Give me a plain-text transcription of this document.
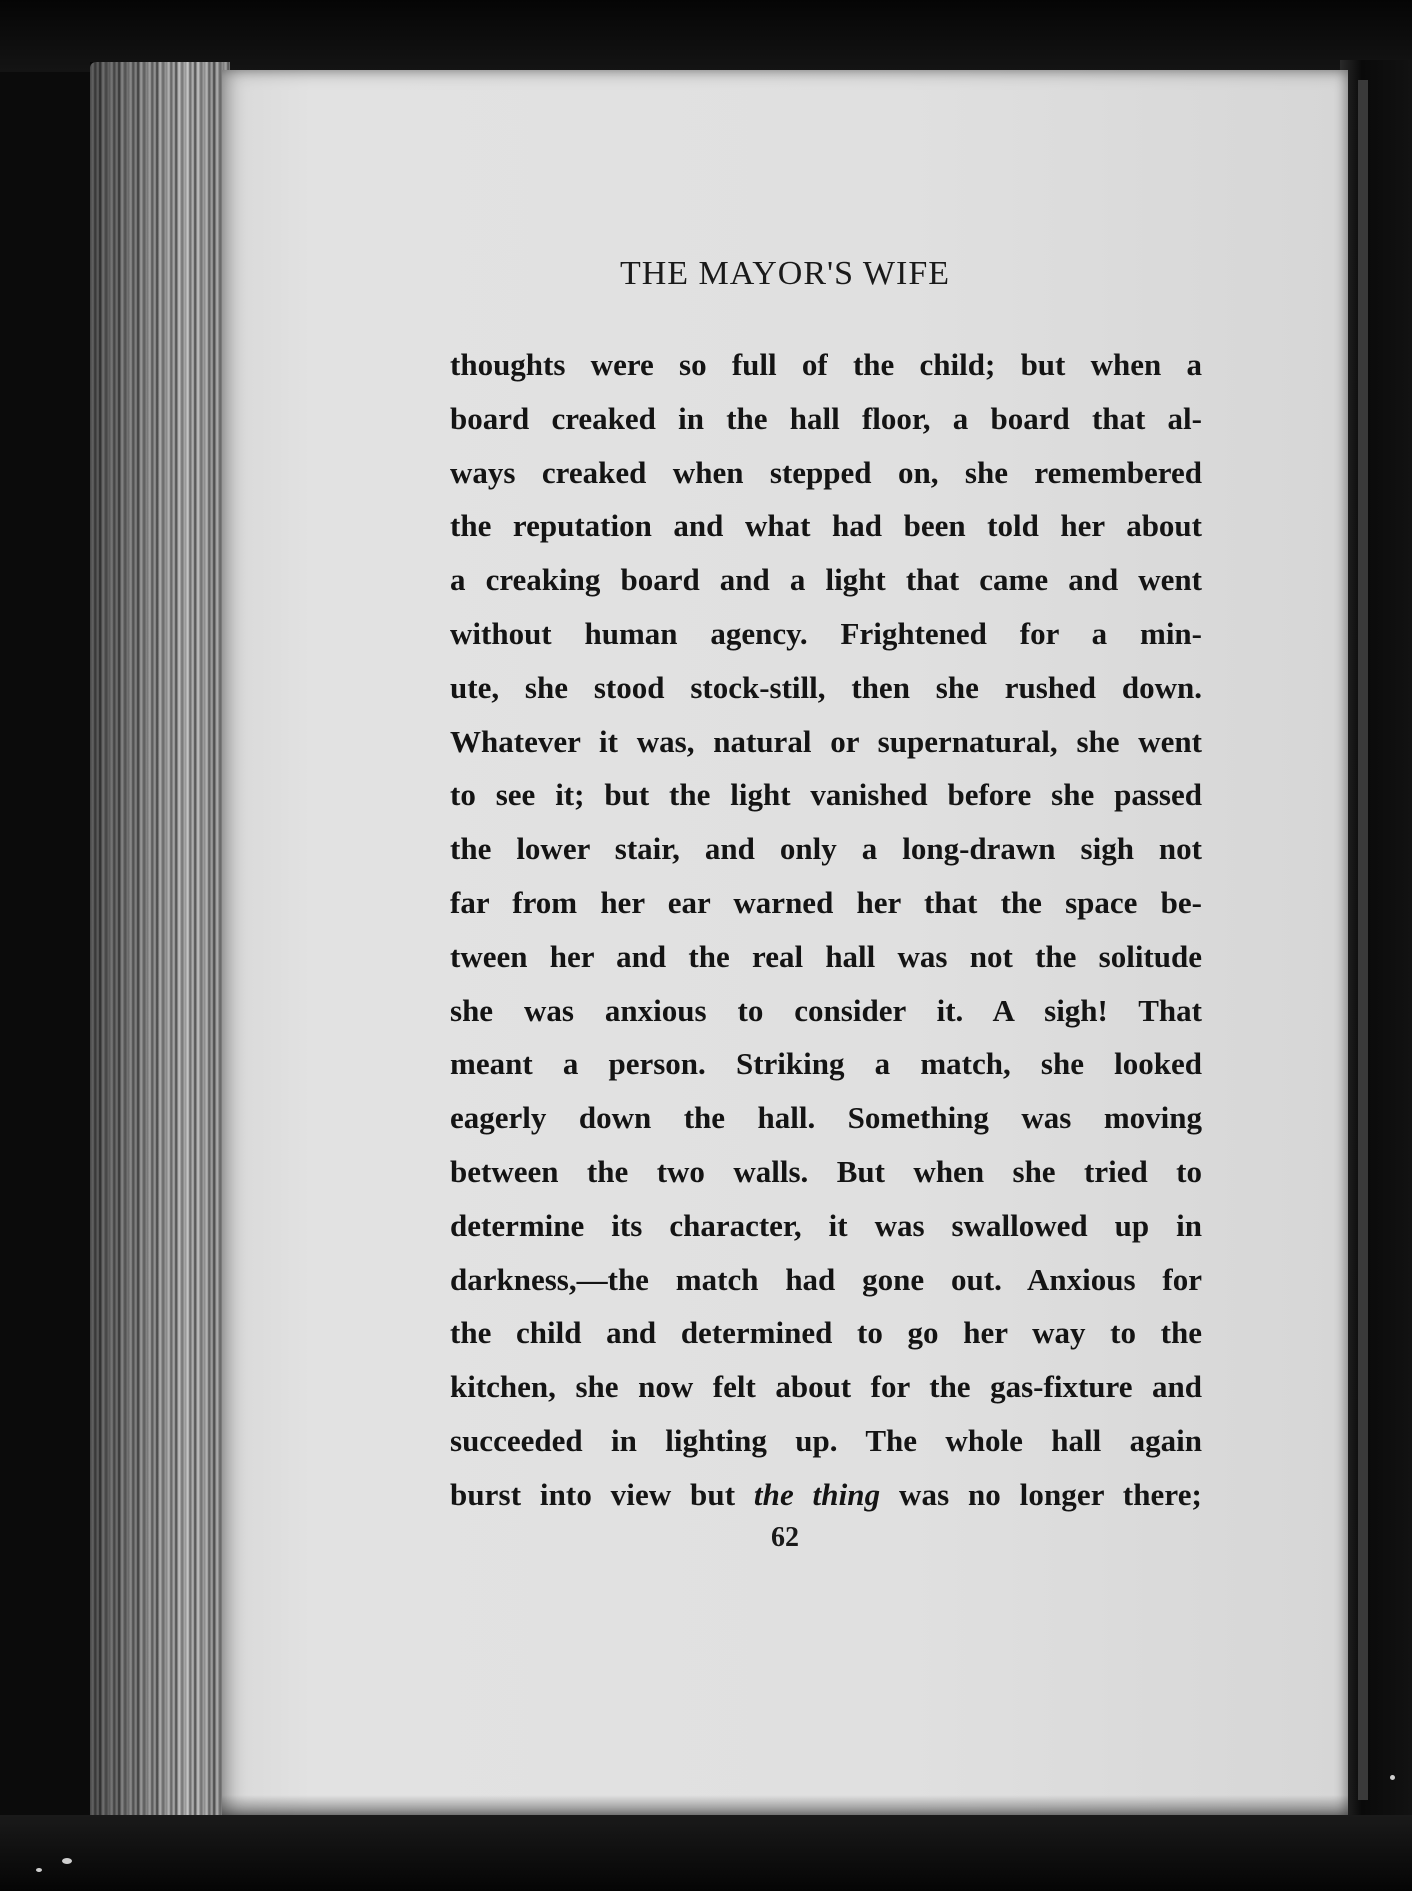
THE MAYOR'S WIFE
thoughts were so full of the child; but when a
board creaked in the hall floor, a board that al-
ways creaked when stepped on, she remembered
the reputation and what had been told her about
a creaking board and a light that came and went
without human agency. Frightened for a min-
ute, she stood stock-still, then she rushed down.
Whatever it was, natural or supernatural, she went
to see it; but the light vanished before she passed
the lower stair, and only a long-drawn sigh not
far from her ear warned her that the space be-
tween her and the real hall was not the solitude
she was anxious to consider it. A sigh! That
meant a person. Striking a match, she looked
eagerly down the hall. Something was moving
between the two walls. But when she tried to
determine its character, it was swallowed up in
darkness,—the match had gone out. Anxious for
the child and determined to go her way to the
kitchen, she now felt about for the gas-fixture and
succeeded in lighting up. The whole hall again
burst into view but the thing was no longer there;
62
